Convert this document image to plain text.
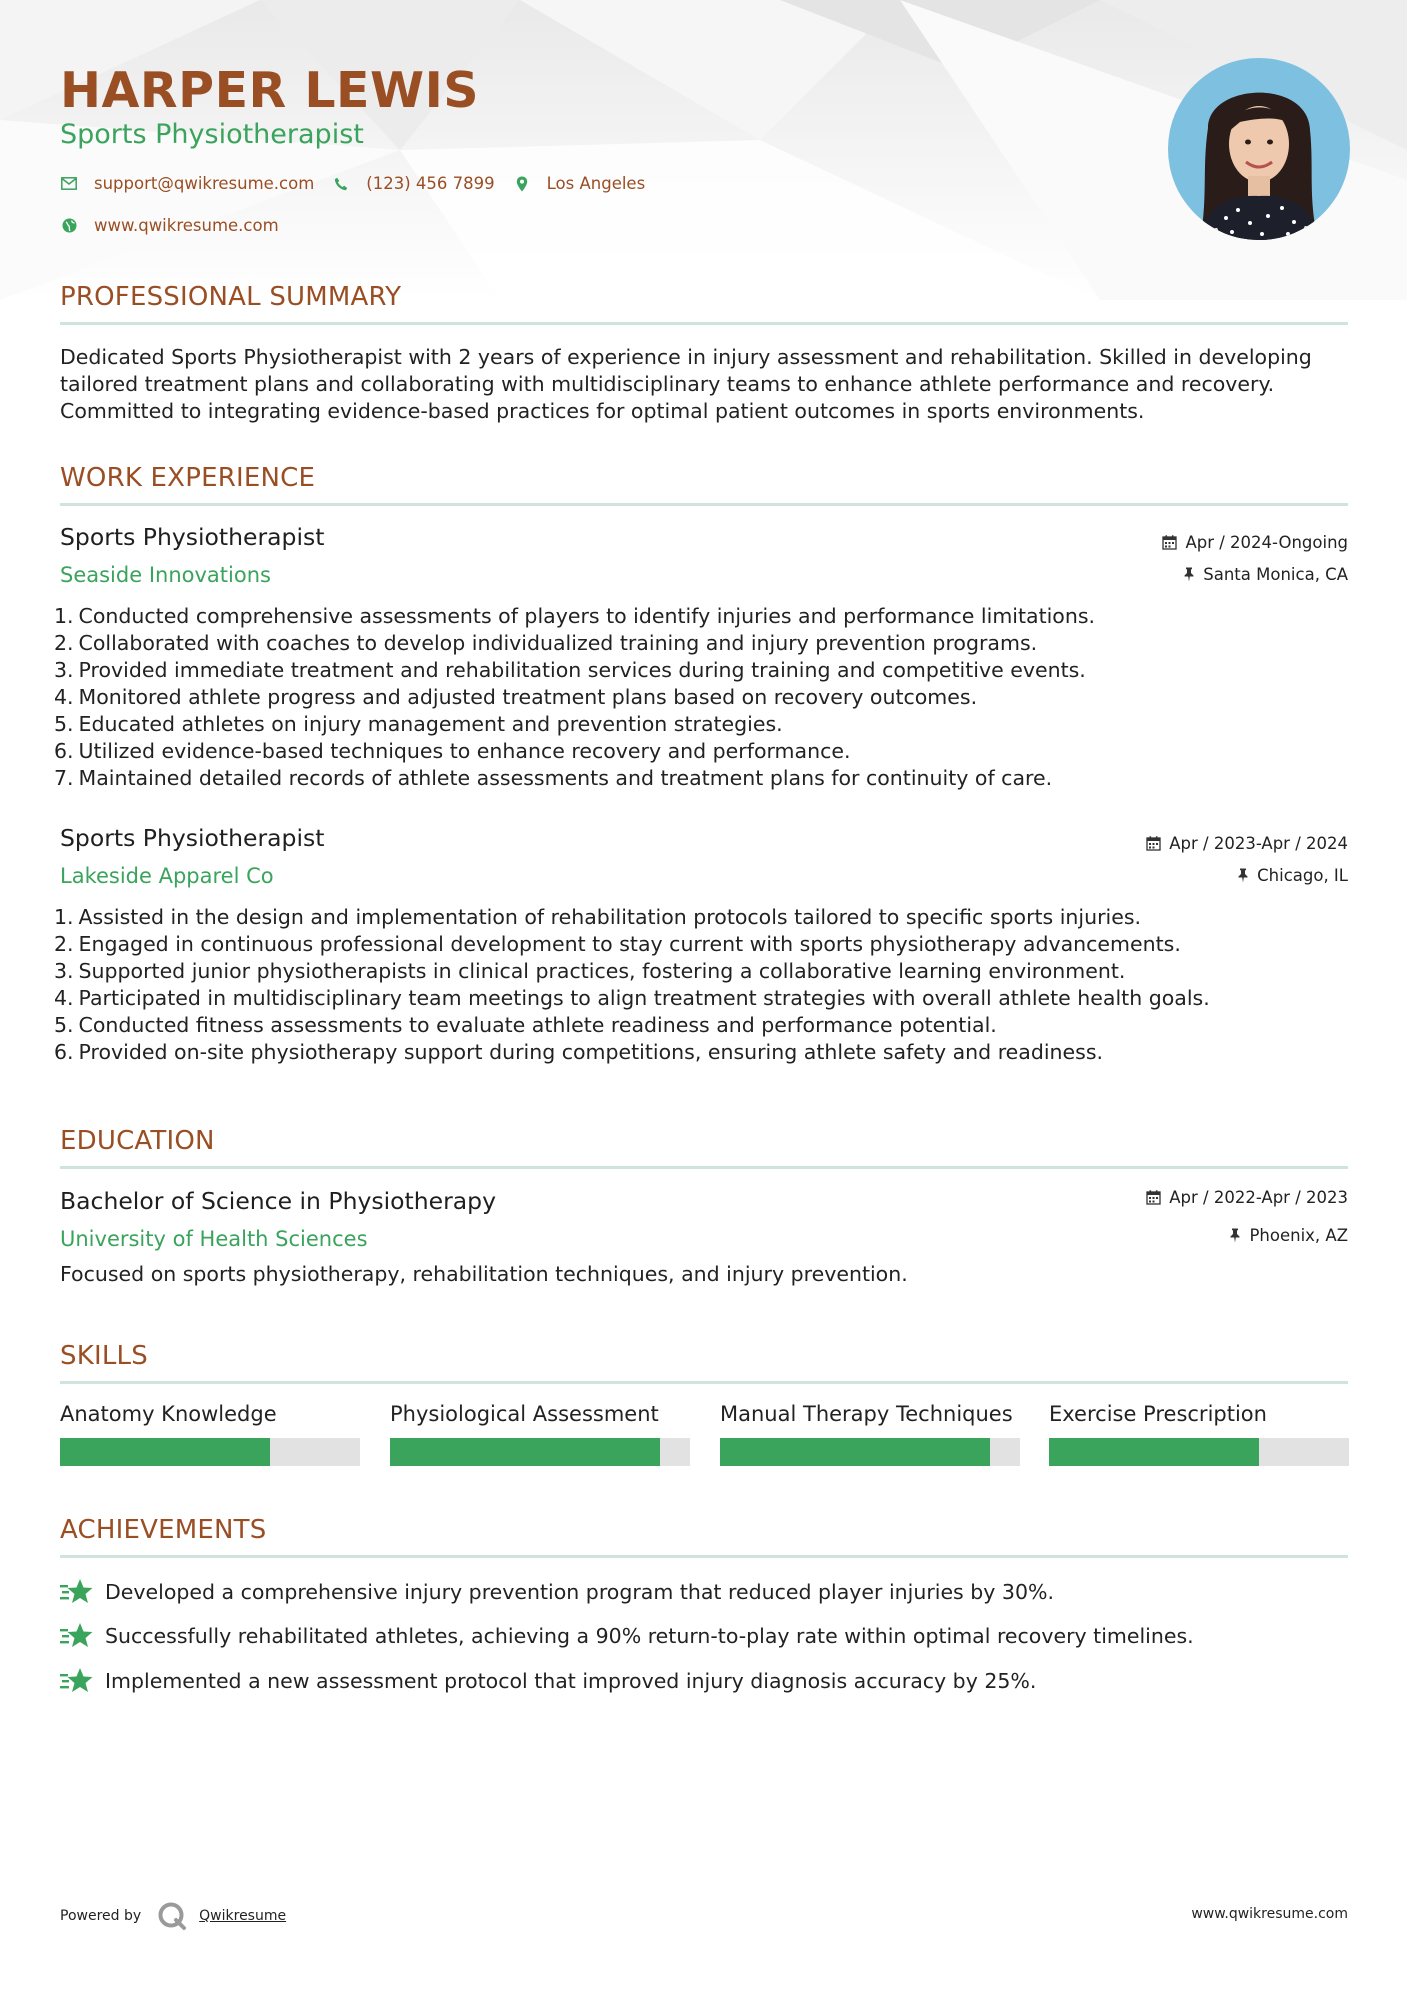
HARPER LEWIS
Sports Physiotherapist
support@qwikresume.com	(123) 456 7899	Los Angeles
www.qwikresume.com
PROFESSIONAL SUMMARY
Dedicated Sports Physiotherapist with 2 years of experience in injury assessment and rehabilitation. Skilled in developing tailored treatment plans and collaborating with multidisciplinary teams to enhance athlete performance and recovery. Committed to integrating evidence-based practices for optimal patient outcomes in sports environments.
WORK EXPERIENCE
Sports Physiotherapist
Seaside Innovations
Apr / 2024-Ongoing
Santa Monica, CA
1. Conducted comprehensive assessments of players to identify injuries and performance limitations.
2. Collaborated with coaches to develop individualized training and injury prevention programs.
3. Provided immediate treatment and rehabilitation services during training and competitive events.
4. Monitored athlete progress and adjusted treatment plans based on recovery outcomes.
5. Educated athletes on injury management and prevention strategies.
6. Utilized evidence-based techniques to enhance recovery and performance.
7. Maintained detailed records of athlete assessments and treatment plans for continuity of care.
Sports Physiotherapist
Lakeside Apparel Co
Apr / 2023-Apr / 2024
Chicago, IL
1. Assisted in the design and implementation of rehabilitation protocols tailored to specific sports injuries.
2. Engaged in continuous professional development to stay current with sports physiotherapy advancements.
3. Supported junior physiotherapists in clinical practices, fostering a collaborative learning environment.
4. Participated in multidisciplinary team meetings to align treatment strategies with overall athlete health goals.
5. Conducted fitness assessments to evaluate athlete readiness and performance potential.
6. Provided on-site physiotherapy support during competitions, ensuring athlete safety and readiness.
EDUCATION
Bachelor of Science in Physiotherapy
University of Health Sciences
Apr / 2022-Apr / 2023
Phoenix, AZ
Focused on sports physiotherapy, rehabilitation techniques, and injury prevention.
SKILLS
Anatomy Knowledge	Physiological Assessment	Manual Therapy Techniques	Exercise Prescription
ACHIEVEMENTS
Developed a comprehensive injury prevention program that reduced player injuries by 30%.
Successfully rehabilitated athletes, achieving a 90% return-to-play rate within optimal recovery timelines.
Implemented a new assessment protocol that improved injury diagnosis accuracy by 25%.
Powered by	Qwikresume	www.qwikresume.com
